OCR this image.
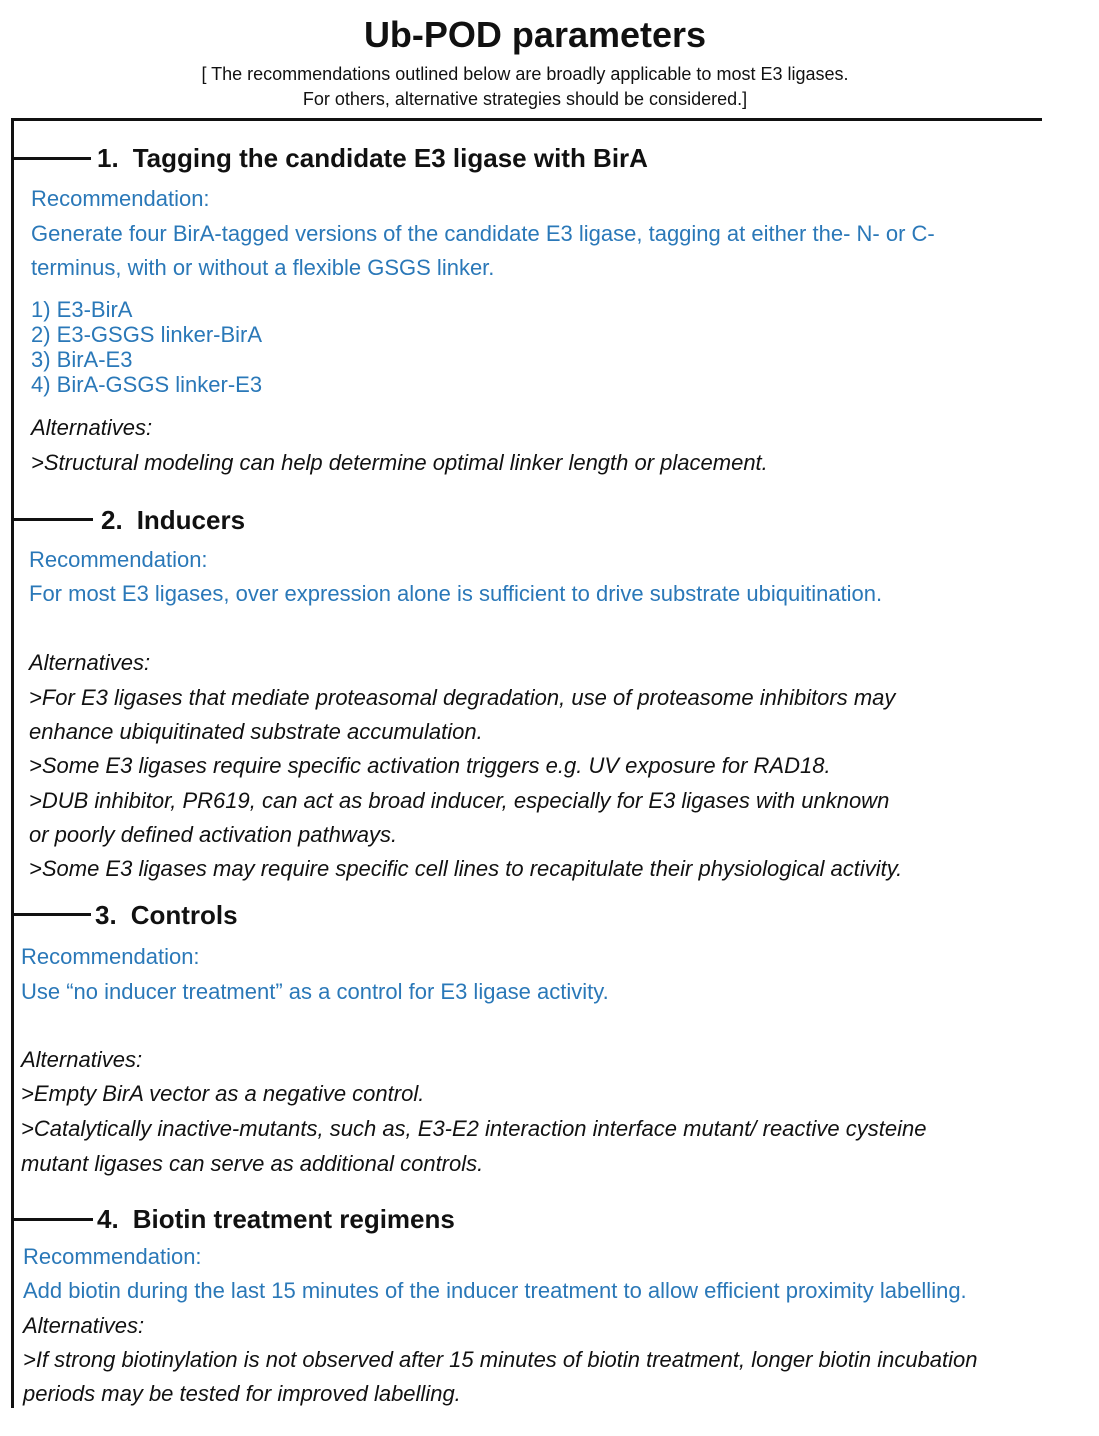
Ub-POD parameters
[ The recommendations outlined below are broadly applicable to most E3 ligases.
For others, alternative strategies should be considered.]
1. Tagging the candidate E3 ligase with BirA
Recommendation:
Generate four BirA-tagged versions of the candidate E3 ligase, tagging at either the- N- or C-
terminus, with or without a flexible GSGS linker.
1) E3-BirA
2) E3-GSGS linker-BirA
3) BirA-E3
4) BirA-GSGS linker-E3
Alternatives:
>Structural modeling can help determine optimal linker length or placement.
2. Inducers
Recommendation:
For most E3 ligases, over expression alone is sufficient to drive substrate ubiquitination.
Alternatives:
>For E3 ligases that mediate proteasomal degradation, use of proteasome inhibitors may
enhance ubiquitinated substrate accumulation.
>Some E3 ligases require specific activation triggers e.g. UV exposure for RAD18.
>DUB inhibitor, PR619, can act as broad inducer, especially for E3 ligases with unknown
or poorly defined activation pathways.
>Some E3 ligases may require specific cell lines to recapitulate their physiological activity.
3. Controls
Recommendation:
Use “no inducer treatment” as a control for E3 ligase activity.
Alternatives:
>Empty BirA vector as a negative control.
>Catalytically inactive-mutants, such as, E3-E2 interaction interface mutant/ reactive cysteine
mutant ligases can serve as additional controls.
4. Biotin treatment regimens
Recommendation:
Add biotin during the last 15 minutes of the inducer treatment to allow efficient proximity labelling.
Alternatives:
>If strong biotinylation is not observed after 15 minutes of biotin treatment, longer biotin incubation
periods may be tested for improved labelling.
